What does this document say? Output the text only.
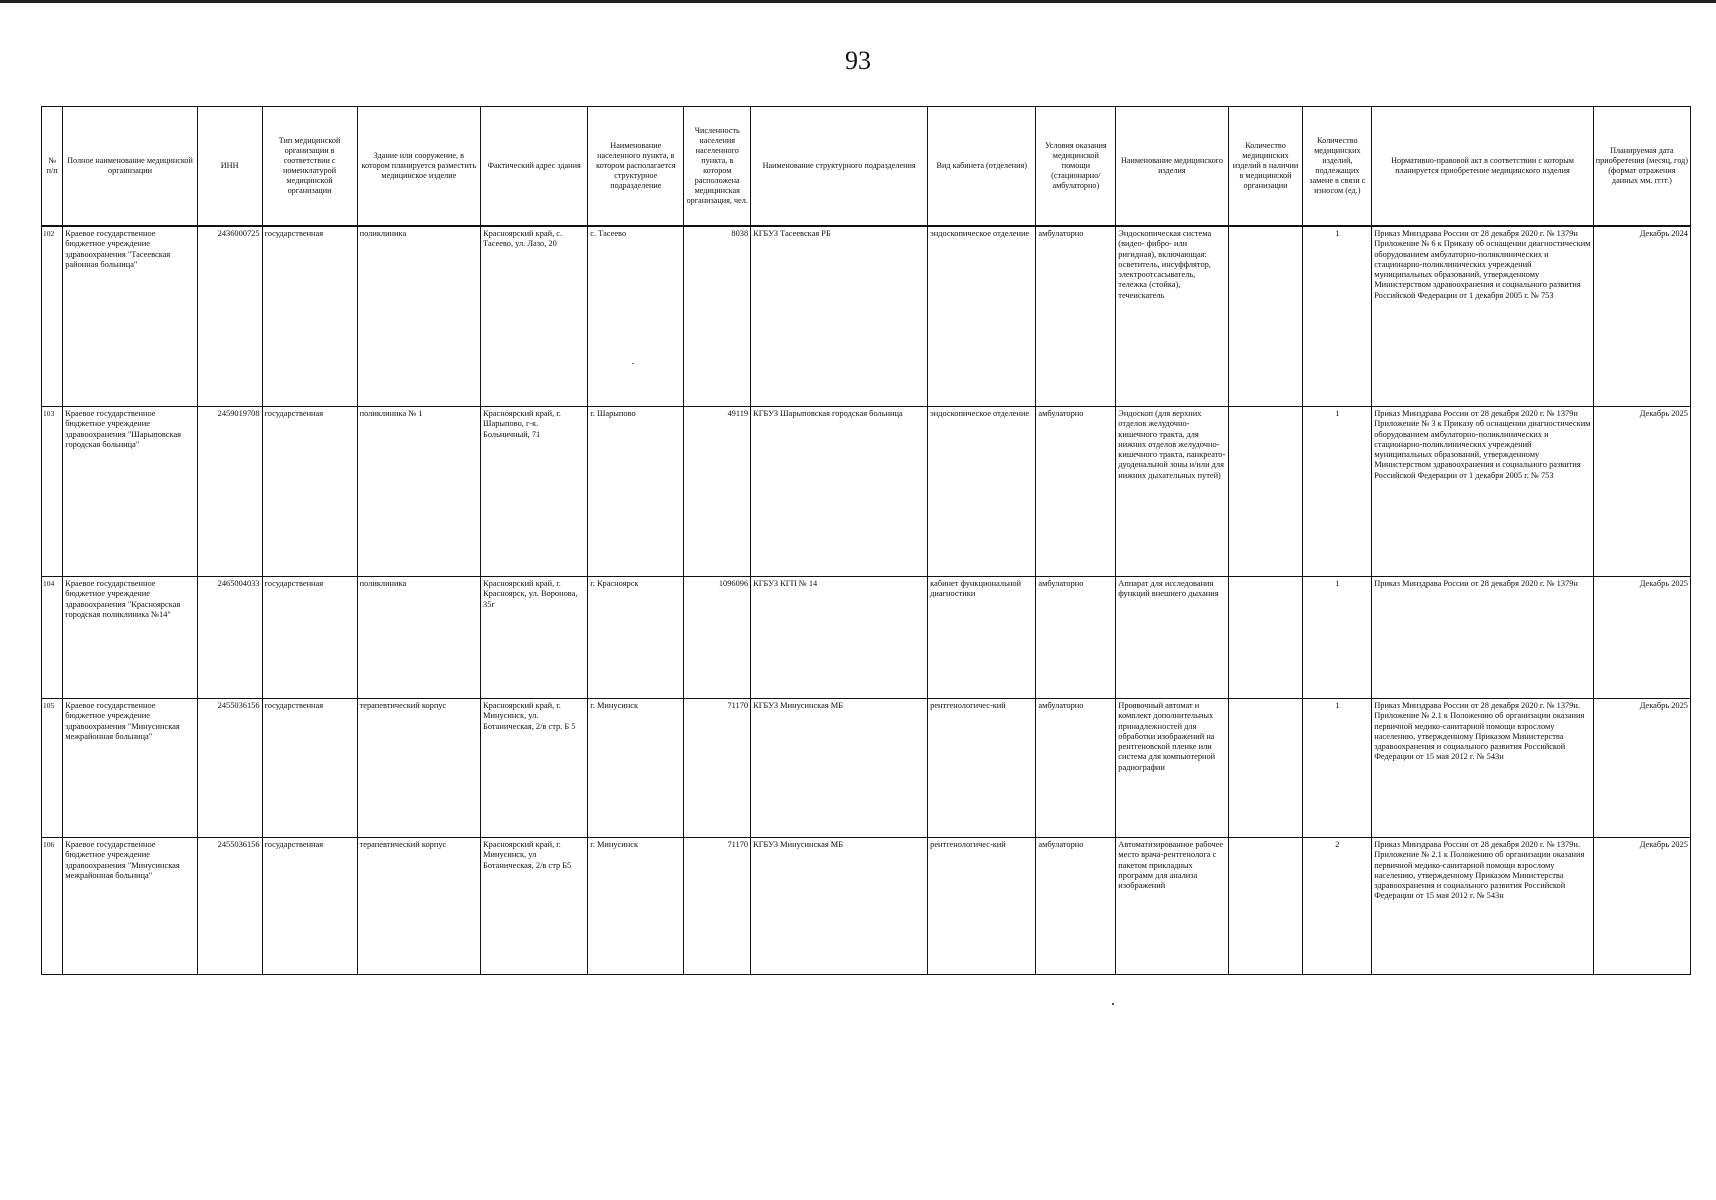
93
№ п/п	Полное наименование медицинской организации	ИНН	Тип медицинской организации в соответствии с номенклатурой медицинской организации	Здание или сооружение, в котором планируется разместить медицинское изделие	Фактический адрес здания	Наименование населенного пункта, в котором располагается структурное подразделение	Численность населения населенного пункта, в котором расположена медицинская организация, чел.	Наименование структурного подразделения	Вид кабинета (отделения)	Условия оказания медицинской помощи (стационарно/ амбулаторно)	Наименование медицинского изделия	Количество медицинских изделий в наличии в медицинской организации	Количество медицинских изделий, подлежащих замене в связи с износом (ед.)	Нормативно-правовой акт в соответствии с которым планируется приобретение медицинского изделия	Планируемая дата приобретения (месяц, год) (формат отражения данных мм. гггг.)

102	Краевое государственное бюджетное учреждение здравоохранения "Тасеевская районная больница"	2436000725	государственная	поликлиника	Красноярский край, с. Тасеево, ул. Лазо, 20	с. Тасеево	8038	КГБУЗ Тасеевская РБ	эндоскопическое отделение	амбулаторно	Эндоскопическая система (видео- фибро- или ригидная), включающая: осветитель, инсуффлятор, электроотсасыватель, тележка (стойка), течеискатель		1	Приказ Минздрава России от 28 декабря 2020 г. № 1379н Приложение № 6 к Приказу об оснащении диагностическим оборудованием амбулаторно-поликлинических и стационарно-поликлинических учреждений муниципальных образований, утвержденному Министерством здравоохранения и социального развития Российской Федерации от 1 декабря 2005 г. № 753	Декабрь 2024

103	Краевое государственное бюджетное учреждение здравоохранения "Шарыповская городская больница"	2459019708	государственная	поликлиника № 1	Красноярский край, г. Шарыпово, г-к. Больничный, 71	г. Шарыпово	49119	КГБУЗ Шарыповская городская больница	эндоскопическое отделение	амбулаторно	Эндоскоп (для верхних отделов желудочно-кишечного тракта, для нижних отделов желудочно-кишечного тракта, панкреато-дуоденальной зоны и/или для нижних дыхательных путей)		1	Приказ Минздрава России от 28 декабря 2020 г. № 1379н Приложение № 3 к Приказу об оснащении диагностическим оборудованием амбулаторно-поликлинических и стационарно-поликлинических учреждений муниципальных образований, утвержденному Министерством здравоохранения и социального развития Российской Федерации от 1 декабря 2005 г. № 753	Декабрь 2025

104	Краевое государственное бюджетное учреждение здравоохранения "Красноярская городская поликлиника №14"	2465004033	государственная	поликлиника	Красноярский край, г. Красноярск, ул. Воронова, 35г	г. Красноярск	1096096	КГБУЗ КГП № 14	кабинет функциональной диагностики	амбулаторно	Аппарат для исследования функций внешнего дыхания		1	Приказ Минздрава России от 28 декабря 2020 г. № 1379н	Декабрь 2025

105	Краевое государственное бюджетное учреждение здравоохранения "Минусинская межрайонная больница"	2455036156	государственная	терапевтический корпус	Красноярский край, г. Минусинск, ул. Ботаническая, 2/в стр. Б 5	г. Минусинск	71170	КГБУЗ Минусинская МБ	рентгенологичес-кий	амбулаторно	Проявочный автомат и комплект дополнительных принадлежностей для обработки изображений на рентгеновской пленке или система для компьютерной радиографии		1	Приказ Минздрава России от 28 декабря 2020 г. № 1379н. Приложение № 2.1 к Положению об организации оказания первичной медико-санитарной помощи взрослому населению, утвержденному Приказом Министерства здравоохранения и социального развития Российской Федерации от 15 мая 2012 г. № 543н	Декабрь 2025

106	Краевое государственное бюджетное учреждение здравоохранения "Минусинская межрайонная больница"	2455036156	государственная	терапевтический корпус	Красноярский край, г. Минусинск, ул Ботаническая, 2/в стр Б5	г. Минусинск	71170	КГБУЗ Минусинская МБ	рентгенологичес-кий	амбулаторно	Автоматизированное рабочее место врача-рентгенолога с пакетом прикладных программ для анализа изображений		2	Приказ Минздрава России от 28 декабря 2020 г. № 1379н. Приложение № 2.1 к Положению об организации оказания первичной медико-санитарной помощи взрослому населению, утвержденному Приказом Министерства здравоохранения и социального развития Российской Федерации от 15 мая 2012 г. № 543н	Декабрь 2025
